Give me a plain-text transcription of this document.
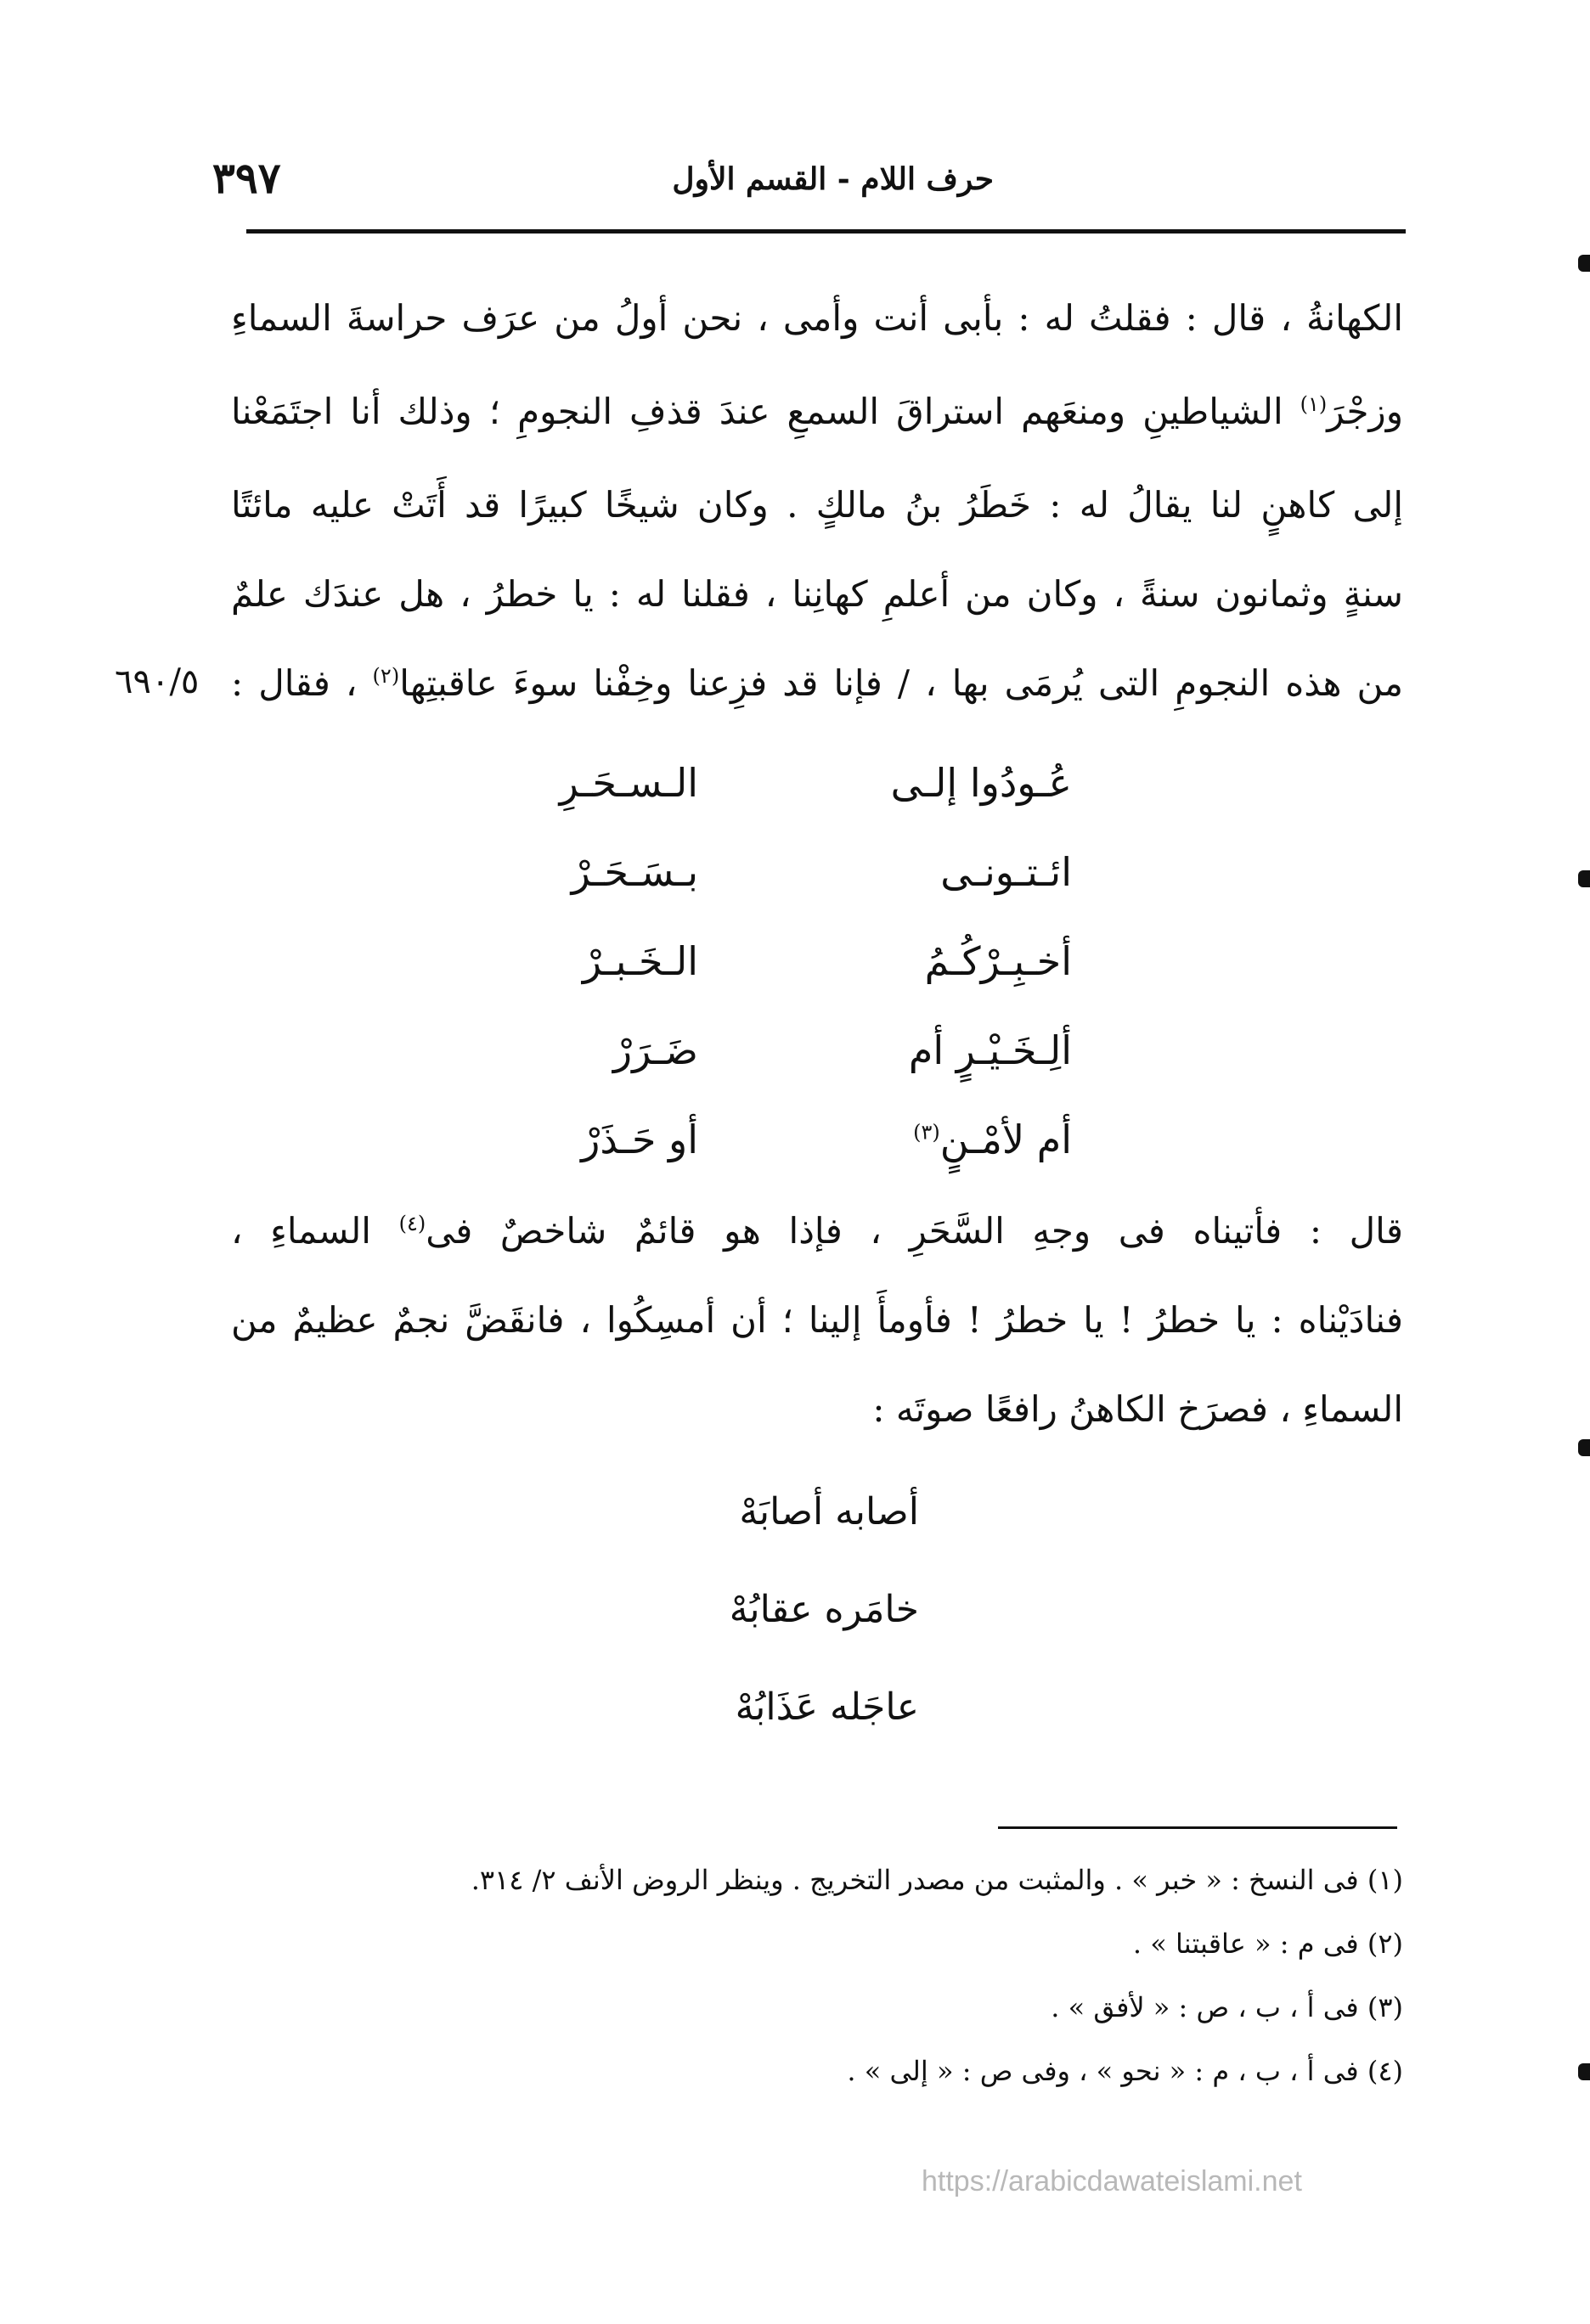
٣٩٧	حرف اللام - القسم الأول
الكهانةُ ، قال : فقلتُ له : بأبى أنت وأمى ، نحن أولُ من عرَف حراسةَ السماءِ
وزجْرَ$^{(١)}$ الشياطينِ ومنعَهم استراقَ السمعِ عندَ قذفِ النجومِ ؛ وذلك أنا اجتَمَعْنا
إلى كاهنٍ لنا يقالُ له : خَطَرُ بنُ مالكٍ . وكان شيخًا كبيرًا قد أَتَتْ عليه مائتًا
سنةٍ وثمانون سنةً ، وكان من أعلمِ كهانِنا ، فقلنا له : يا خطرُ ، هل عندَك علمٌ
من هذه النجومِ التى يُرمَى بها ، / فإنا قد فزِعنا وخِفْنا سوءَ عاقبتِها$^{(٢)}$ ، فقال :
٦٩٠/٥
عُـودُوا إلـى
الـسـحَـرِ
ائـتـونـى
بـسَـحَـرْ
أخـبِـرْكُـمُ
الـخَـبـرْ
ألِـخَـيْـرٍ أم
ضَـرَرْ
أم لأمْـنٍ$^{(٣)}$
أو حَـذَرْ
قال : فأتيناه فى وجهِ السَّحَرِ ، فإذا هو قائمٌ شاخصٌ فى$^{(٤)}$ السماءِ ،
فنادَيْناه : يا خطرُ ! يا خطرُ ! فأومأَ إلينا ؛ أن أمسِكُوا ، فانقَضَّ نجمٌ عظيمٌ من
السماءِ ، فصرَخ الكاهنُ رافعًا صوتَه :
أصابه أصابَهْ
خامَره عقابُهْ
عاجَله عَذَابُهْ
(١) فى النسخ : « خبر » . والمثبت من مصدر التخريج . وينظر الروض الأنف ٢/ ٣١٤.
(٢) فى م : « عاقبتنا » .
(٣) فى أ ، ب ، ص : « لأفق » .
(٤) فى أ ، ب ، م : « نحو » ، وفى ص : « إلى » .
https://arabicdawateislami.net
